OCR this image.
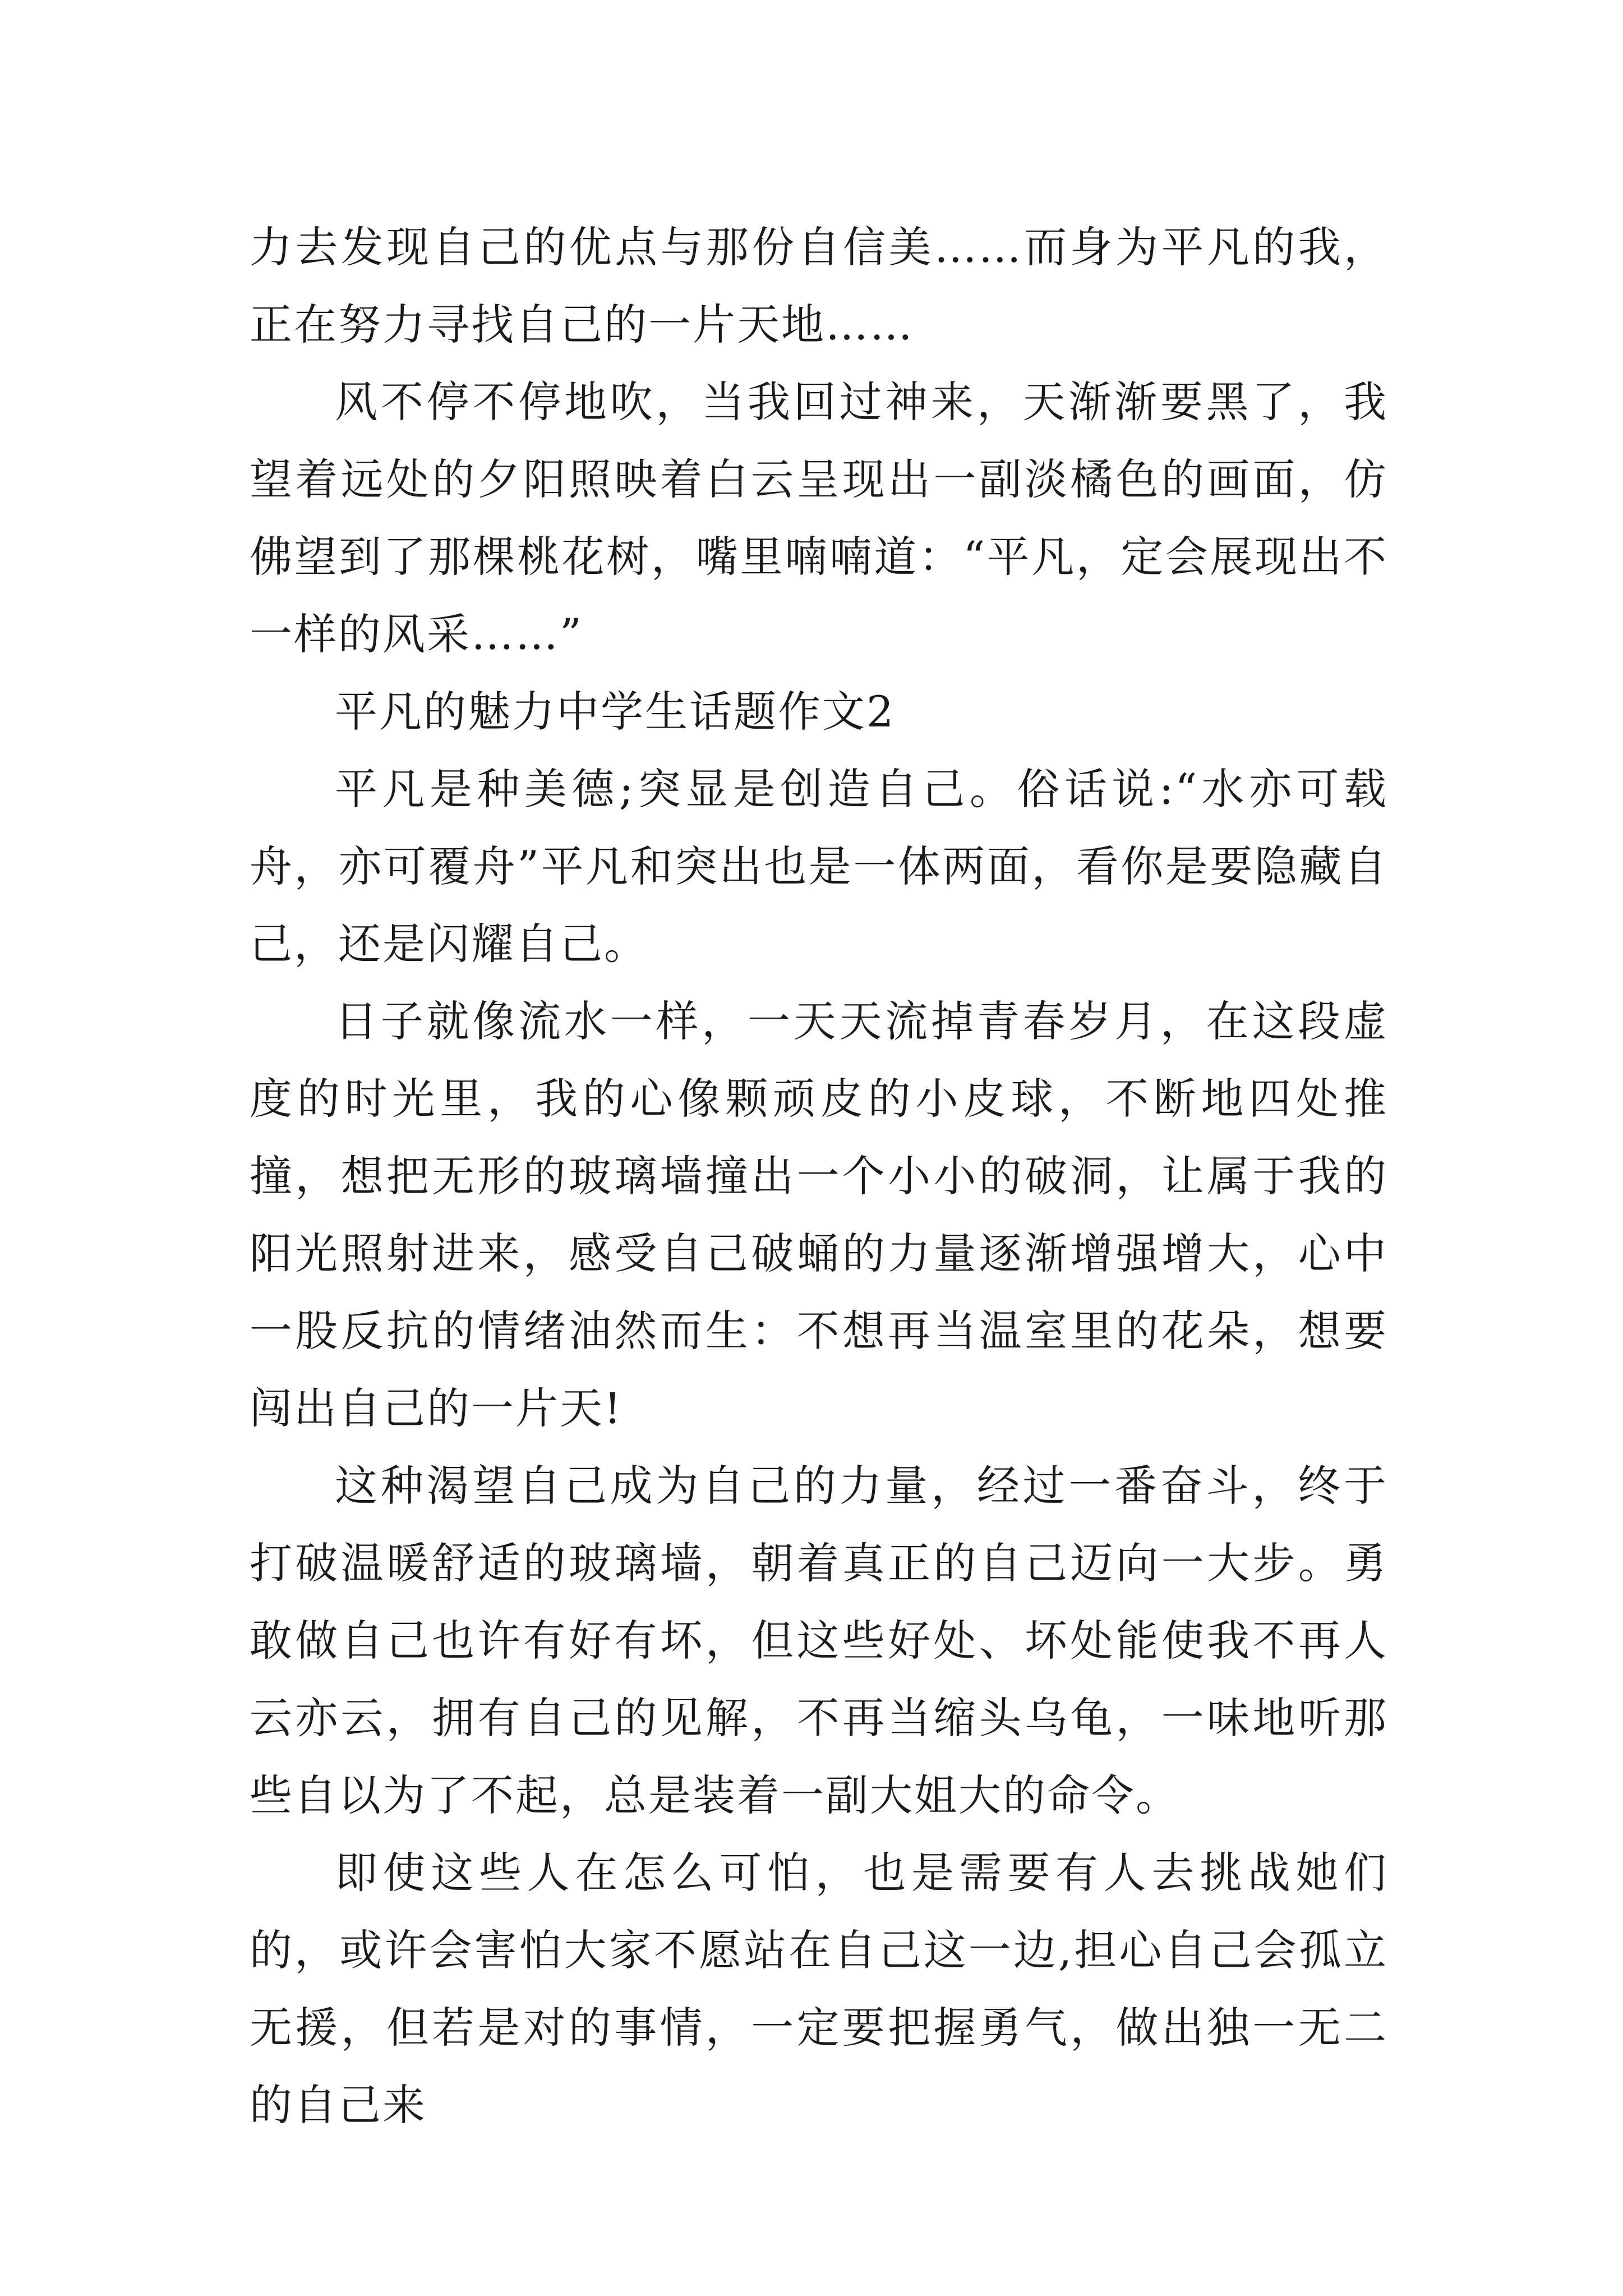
力去发现自己的优点与那份自信美……而身为平凡的我，正在努力寻找自己的一片天地……

风不停不停地吹，当我回过神来，天渐渐要黑了，我望着远处的夕阳照映着白云呈现出一副淡橘色的画面，仿佛望到了那棵桃花树，嘴里喃喃道：“平凡，定会展现出不一样的风采……”

平凡的魅力中学生话题作文2

平凡是种美德;突显是创造自己。俗话说:“水亦可载舟，亦可覆舟”平凡和突出也是一体两面，看你是要隐藏自己，还是闪耀自己。

日子就像流水一样，一天天流掉青春岁月，在这段虚度的时光里，我的心像颗顽皮的小皮球，不断地四处推撞，想把无形的玻璃墙撞出一个小小的破洞，让属于我的阳光照射进来，感受自己破蛹的力量逐渐增强增大，心中一股反抗的情绪油然而生：不想再当温室里的花朵，想要闯出自己的一片天!

这种渴望自己成为自己的力量，经过一番奋斗，终于打破温暖舒适的玻璃墙，朝着真正的自己迈向一大步。勇敢做自己也许有好有坏，但这些好处、坏处能使我不再人云亦云，拥有自己的见解，不再当缩头乌龟，一味地听那些自以为了不起，总是装着一副大姐大的命令。

即使这些人在怎么可怕，也是需要有人去挑战她们的，或许会害怕大家不愿站在自己这一边,担心自己会孤立无援，但若是对的事情，一定要把握勇气，做出独一无二的自己来
